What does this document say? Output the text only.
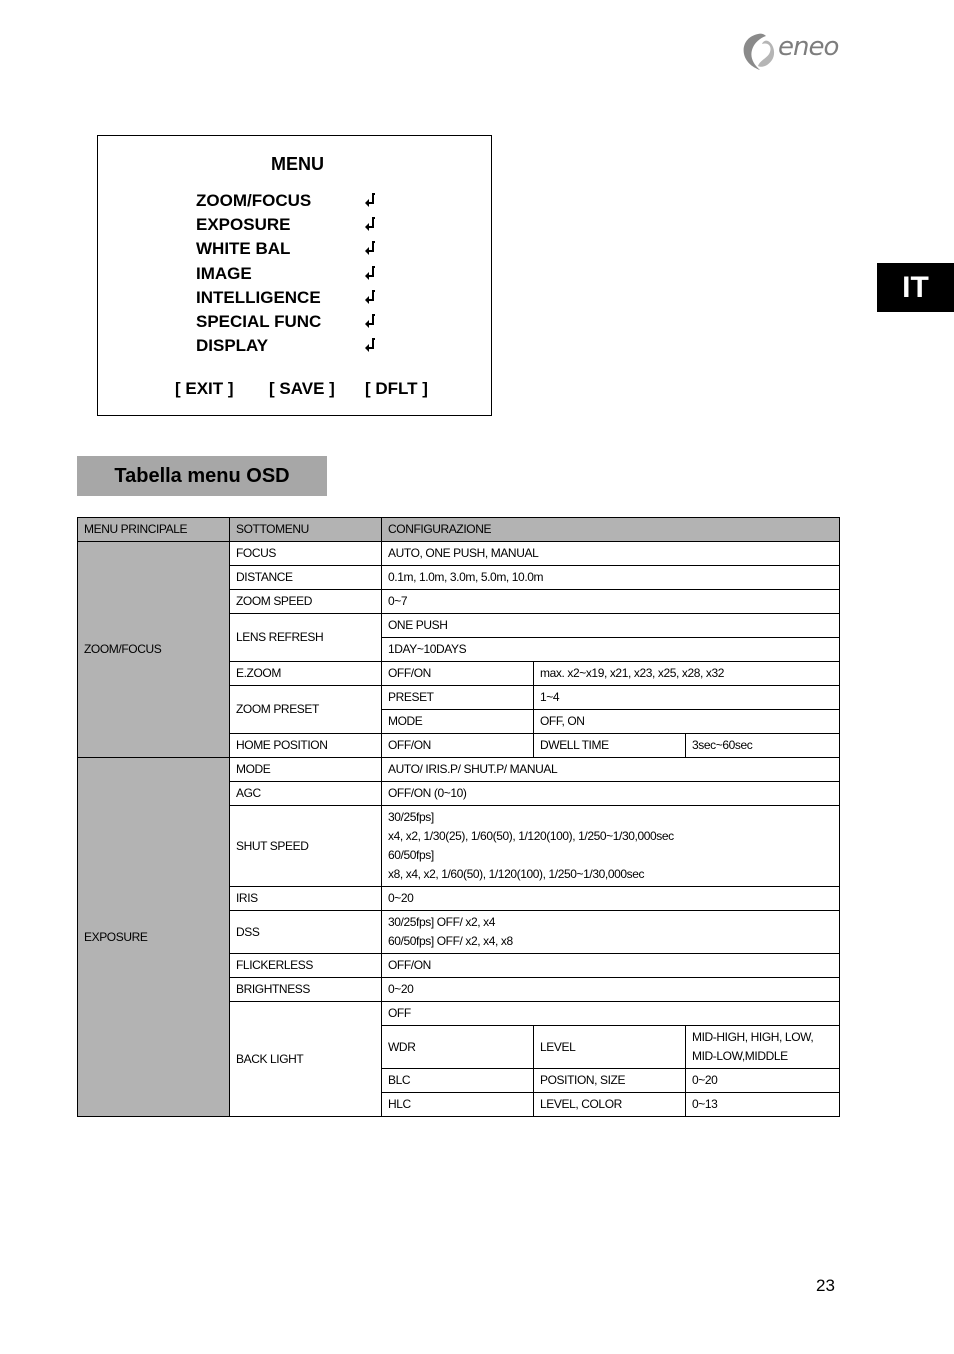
eneo
IT
MENU
ZOOM/FOCUS
EXPOSURE
WHITE BAL
IMAGE
INTELLIGENCE
SPECIAL FUNC
DISPLAY
[ EXIT ] [ SAVE ] [ DFLT ]
Tabella menu OSD
MENU PRINCIPALE	SOTTOMENU	CONFIGURAZIONE		
ZOOM/FOCUS	FOCUS	AUTO, ONE PUSH, MANUAL		
	DISTANCE	0.1m, 1.0m, 3.0m, 5.0m, 10.0m		
	ZOOM SPEED	0~7		
	LENS REFRESH	ONE PUSH		
		1DAY~10DAYS		
	E.ZOOM	OFF/ON	max. x2~x19, x21, x23, x25, x28, x32	
	ZOOM PRESET	PRESET	1~4	
		MODE	OFF, ON	
	HOME POSITION	OFF/ON	DWELL TIME	3sec~60sec
EXPOSURE	MODE	AUTO/ IRIS.P/ SHUT.P/ MANUAL		
	AGC	OFF/ON (0~10)		
	SHUT SPEED	30/25fps]
x4, x2, 1/30(25), 1/60(50), 1/120(100), 1/250~1/30,000sec
60/50fps]
x8, x4, x2, 1/60(50), 1/120(100), 1/250~1/30,000sec		

	IRIS	0~20		
	DSS	30/25fps] OFF/ x2, x4
60/50fps] OFF/ x2, x4, x8		

	FLICKERLESS	OFF/ON		
	BRIGHTNESS	0~20		
	BACK LIGHT	OFF		
		WDR	LEVEL	MID-HIGH, HIGH, LOW,
MID-LOW,MIDDLE

		BLC	POSITION, SIZE	0~20
		HLC	LEVEL, COLOR	0~13
23
